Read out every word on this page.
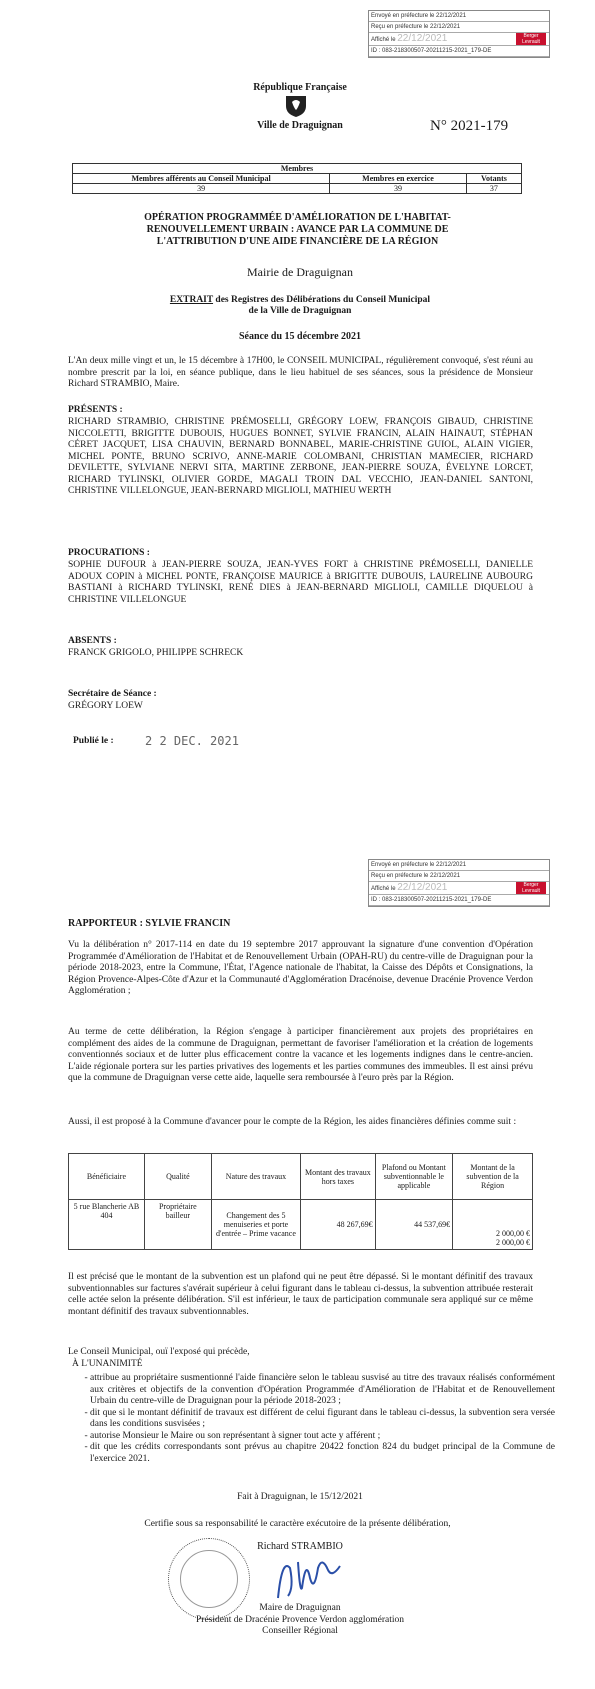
Envoyé en préfecture le 22/12/2021
Reçu en préfecture le 22/12/2021
Affiché le 22/12/2021
ID : 083-218300507-20211215-2021_179-DE
Berger Levrault
République Française
Ville de Draguignan	N° 2021-179
Membres		
Membres afférents au Conseil Municipal	Membres en exercice	Votants
39	39	37
OPÉRATION PROGRAMMÉE D'AMÉLIORATION DE L'HABITAT-
RENOUVELLEMENT URBAIN : AVANCE PAR LA COMMUNE DE
L'ATTRIBUTION D'UNE AIDE FINANCIÈRE DE LA RÉGION
Mairie de Draguignan
EXTRAIT des Registres des Délibérations du Conseil Municipal
de la Ville de Draguignan
Séance du 15 décembre 2021
L'An deux mille vingt et un, le 15 décembre à 17H00, le CONSEIL MUNICIPAL, régulièrement convoqué, s'est réuni au nombre prescrit par la loi, en séance publique, dans le lieu habituel de ses séances, sous la présidence de Monsieur Richard STRAMBIO, Maire.
PRÉSENTS :
RICHARD STRAMBIO, CHRISTINE PRÉMOSELLI, GRÉGORY LOEW, FRANÇOIS GIBAUD, CHRISTINE NICCOLETTI, BRIGITTE DUBOUIS, HUGUES BONNET, SYLVIE FRANCIN, ALAIN HAINAUT, STÉPHAN CÉRET JACQUET, LISA CHAUVIN, BERNARD BONNABEL, MARIE-CHRISTINE GUIOL, ALAIN VIGIER, MICHEL PONTE, BRUNO SCRIVO, ANNE-MARIE COLOMBANI, CHRISTIAN MAMECIER, RICHARD DEVILETTE, SYLVIANE NERVI SITA, MARTINE ZERBONE, JEAN-PIERRE SOUZA, ÉVELYNE LORCET, RICHARD TYLINSKI, OLIVIER GORDE, MAGALI TROIN DAL VECCHIO, JEAN-DANIEL SANTONI, CHRISTINE VILLELONGUE, JEAN-BERNARD MIGLIOLI, MATHIEU WERTH
PROCURATIONS :
SOPHIE DUFOUR à JEAN-PIERRE SOUZA, JEAN-YVES FORT à CHRISTINE PRÉMOSELLI, DANIELLE ADOUX COPIN à MICHEL PONTE, FRANÇOISE MAURICE à BRIGITTE DUBOUIS, LAURELINE AUBOURG BASTIANI à RICHARD TYLINSKI, RENÉ DIES à JEAN-BERNARD MIGLIOLI, CAMILLE DIQUELOU à CHRISTINE VILLELONGUE
ABSENTS :
FRANCK GRIGOLO, PHILIPPE SCHRECK
Secrétaire de Séance :
GRÉGORY LOEW
Publié le :	2 2 DEC. 2021
Envoyé en préfecture le 22/12/2021
Reçu en préfecture le 22/12/2021
Affiché le 22/12/2021
ID : 083-218300507-20211215-2021_179-DE
Berger Levrault
RAPPORTEUR : SYLVIE FRANCIN
Vu la délibération n° 2017-114 en date du 19 septembre 2017 approuvant la signature d'une convention d'Opération Programmée d'Amélioration de l'Habitat et de Renouvellement Urbain (OPAH-RU) du centre-ville de Draguignan pour la période 2018-2023, entre la Commune, l'État, l'Agence nationale de l'habitat, la Caisse des Dépôts et Consignations, la Région Provence-Alpes-Côte d'Azur et la Communauté d'Agglomération Dracénoise, devenue Dracénie Provence Verdon Agglomération ;
Au terme de cette délibération, la Région s'engage à participer financièrement aux projets des propriétaires en complément des aides de la commune de Draguignan, permettant de favoriser l'amélioration et la création de logements conventionnés sociaux et de lutter plus efficacement contre la vacance et les logements indignes dans le centre-ancien. L'aide régionale portera sur les parties privatives des logements et les parties communes des immeubles. Il est ainsi prévu que la commune de Draguignan verse cette aide, laquelle sera remboursée à l'euro près par la Région.
Aussi, il est proposé à la Commune d'avancer pour le compte de la Région, les aides financières définies comme suit :
Bénéficiaire	Qualité	Nature des travaux	Montant des travaux hors taxes	Plafond ou Montant subventionnable le applicable	Montant de la subvention de la Région
5 rue Blancherie AB 404	Propriétaire bailleur	Changement des 5 menuiseries et porte d'entrée – Prime vacance	48 267,69€	44 537,69€	2 000,00 €
2 000,00 €
Il est précisé que le montant de la subvention est un plafond qui ne peut être dépassé. Si le montant définitif des travaux subventionnables sur factures s'avérait supérieur à celui figurant dans le tableau ci-dessus, la subvention attribuée resterait celle actée selon la présente délibération. S'il est inférieur, le taux de participation communale sera appliqué sur ce même montant définitif des travaux subventionnables.
Le Conseil Municipal, ouï l'exposé qui précède,
À L'UNANIMITÉ
- attribue au propriétaire susmentionné l'aide financière selon le tableau susvisé au titre des travaux réalisés conformément aux critères et objectifs de la convention d'Opération Programmée d'Amélioration de l'Habitat et de Renouvellement Urbain du centre-ville de Draguignan pour la période 2018-2023 ;
- dit que si le montant définitif de travaux est différent de celui figurant dans le tableau ci-dessus, la subvention sera versée dans les conditions susvisées ;
- autorise Monsieur le Maire ou son représentant à signer tout acte y afférent ;
- dit que les crédits correspondants sont prévus au chapitre 20422 fonction 824 du budget principal de la Commune de l'exercice 2021.
Fait à Draguignan, le 15/12/2021
Certifie sous sa responsabilité le caractère exécutoire de la présente délibération,
Richard STRAMBIO
Maire de Draguignan
Président de Dracénie Provence Verdon agglomération
Conseiller Régional
